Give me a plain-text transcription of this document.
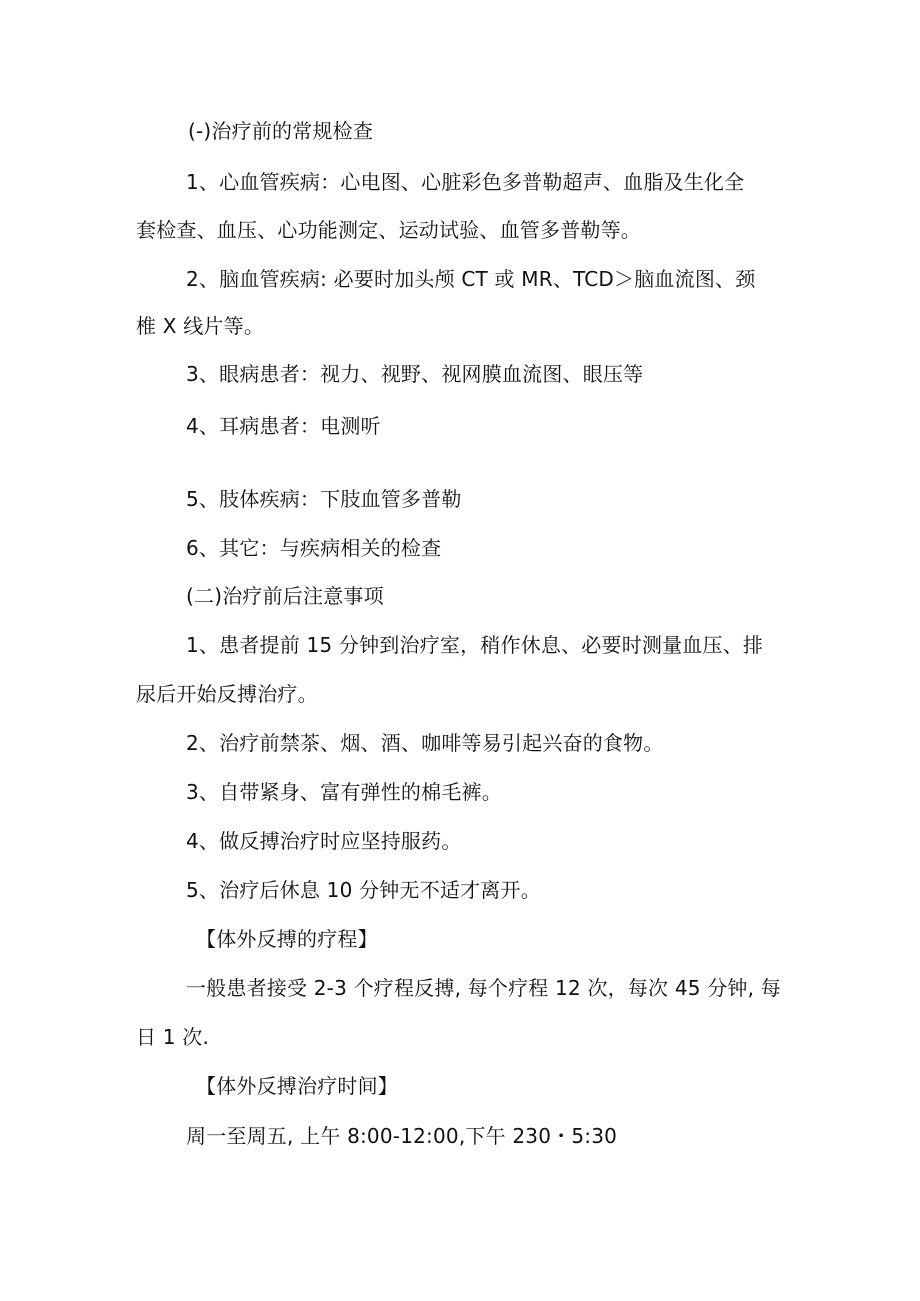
(-)治疗前的常规检查
1、心血管疾病：心电图、心脏彩色多普勒超声、血脂及生化全
套检查、血压、心功能测定、运动试验、血管多普勒等。
2、脑血管疾病: 必要时加头颅 CT 或 MR、TCD＞脑血流图、颈
椎 X 线片等。
3、眼病患者：视力、视野、视网膜血流图、眼压等
4、耳病患者：电测听
5、肢体疾病：下肢血管多普勒
6、其它：与疾病相关的检查
(二)治疗前后注意事项
1、患者提前 15 分钟到治疗室，稍作休息、必要时测量血压、排
尿后开始反搏治疗。
2、治疗前禁茶、烟、酒、咖啡等易引起兴奋的食物。
3、自带紧身、富有弹性的棉毛裤。
4、做反搏治疗时应坚持服药。
5、治疗后休息 10 分钟无不适才离开。
【体外反搏的疗程】
一般患者接受 2-3 个疗程反搏, 每个疗程 12 次，每次 45 分钟, 每
日 1 次.
【体外反搏治疗时间】
周一至周五, 上午 8:00-12:00,下午 230・5:30
